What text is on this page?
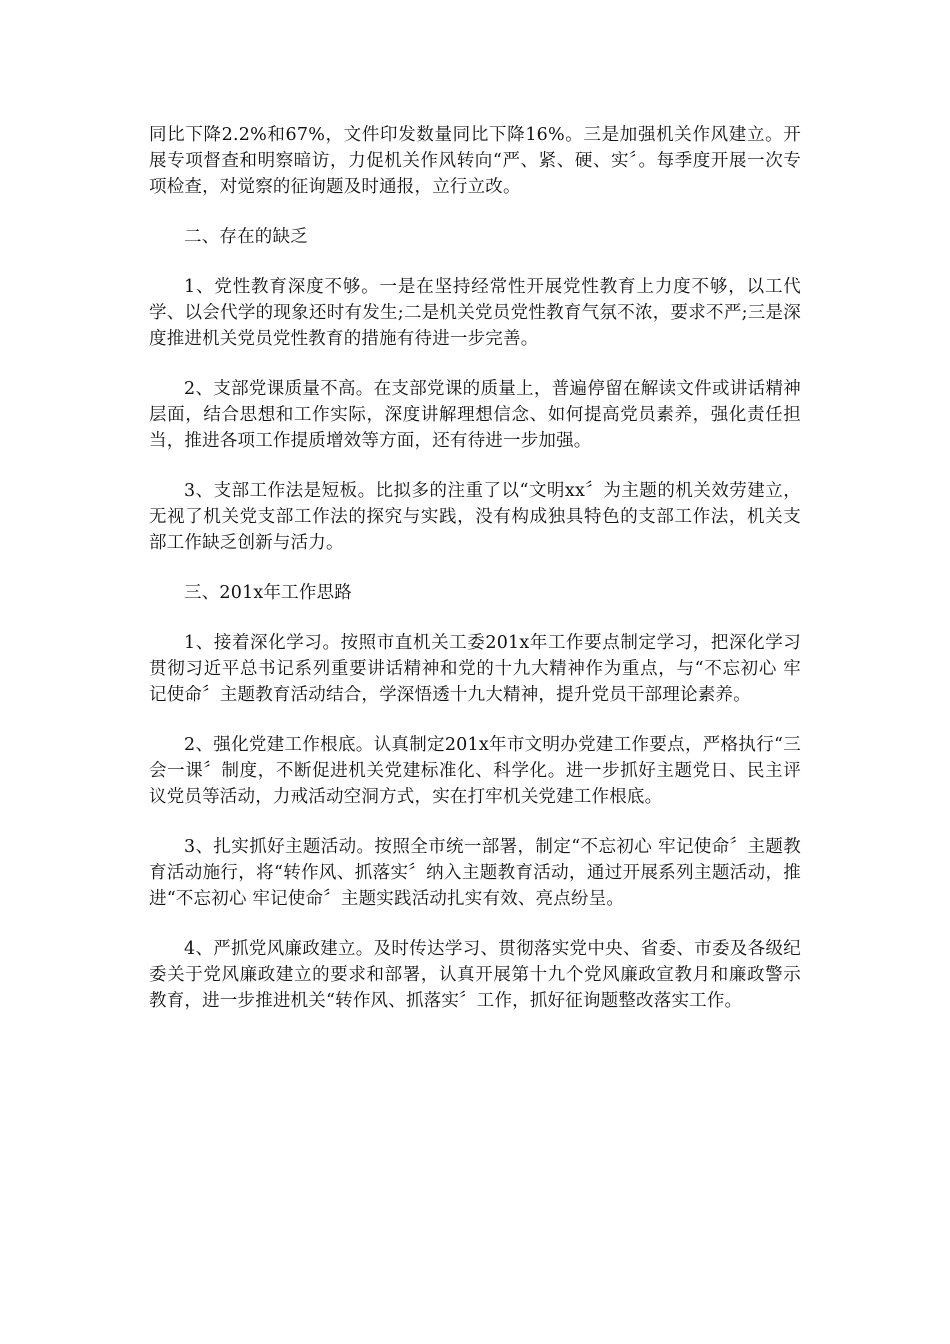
同比下降2.2%和67%，文件印发数量同比下降16%。三是加强机关作风建立。开展专项督查和明察暗访，力促机关作风转向“严、紧、硬、实〞。每季度开展一次专项检查，对觉察的征询题及时通报，立行立改。

二、存在的缺乏

1、党性教育深度不够。一是在坚持经常性开展党性教育上力度不够，以工代学、以会代学的现象还时有发生;二是机关党员党性教育气氛不浓，要求不严;三是深度推进机关党员党性教育的措施有待进一步完善。

2、支部党课质量不高。在支部党课的质量上，普遍停留在解读文件或讲话精神层面，结合思想和工作实际，深度讲解理想信念、如何提高党员素养，强化责任担当，推进各项工作提质增效等方面，还有待进一步加强。

3、支部工作法是短板。比拟多的注重了以“文明xx〞为主题的机关效劳建立，无视了机关党支部工作法的探究与实践，没有构成独具特色的支部工作法，机关支部工作缺乏创新与活力。

三、201x年工作思路

1、接着深化学习。按照市直机关工委201x年工作要点制定学习，把深化学习贯彻习近平总书记系列重要讲话精神和党的十九大精神作为重点，与“不忘初心 牢记使命〞主题教育活动结合，学深悟透十九大精神，提升党员干部理论素养。

2、强化党建工作根底。认真制定201x年市文明办党建工作要点，严格执行“三会一课〞制度，不断促进机关党建标准化、科学化。进一步抓好主题党日、民主评议党员等活动，力戒活动空洞方式，实在打牢机关党建工作根底。

3、扎实抓好主题活动。按照全市统一部署，制定“不忘初心 牢记使命〞主题教育活动施行，将“转作风、抓落实〞纳入主题教育活动，通过开展系列主题活动，推进“不忘初心 牢记使命〞主题实践活动扎实有效、亮点纷呈。

4、严抓党风廉政建立。及时传达学习、贯彻落实党中央、省委、市委及各级纪委关于党风廉政建立的要求和部署，认真开展第十九个党风廉政宣教月和廉政警示教育，进一步推进机关“转作风、抓落实〞工作，抓好征询题整改落实工作。
